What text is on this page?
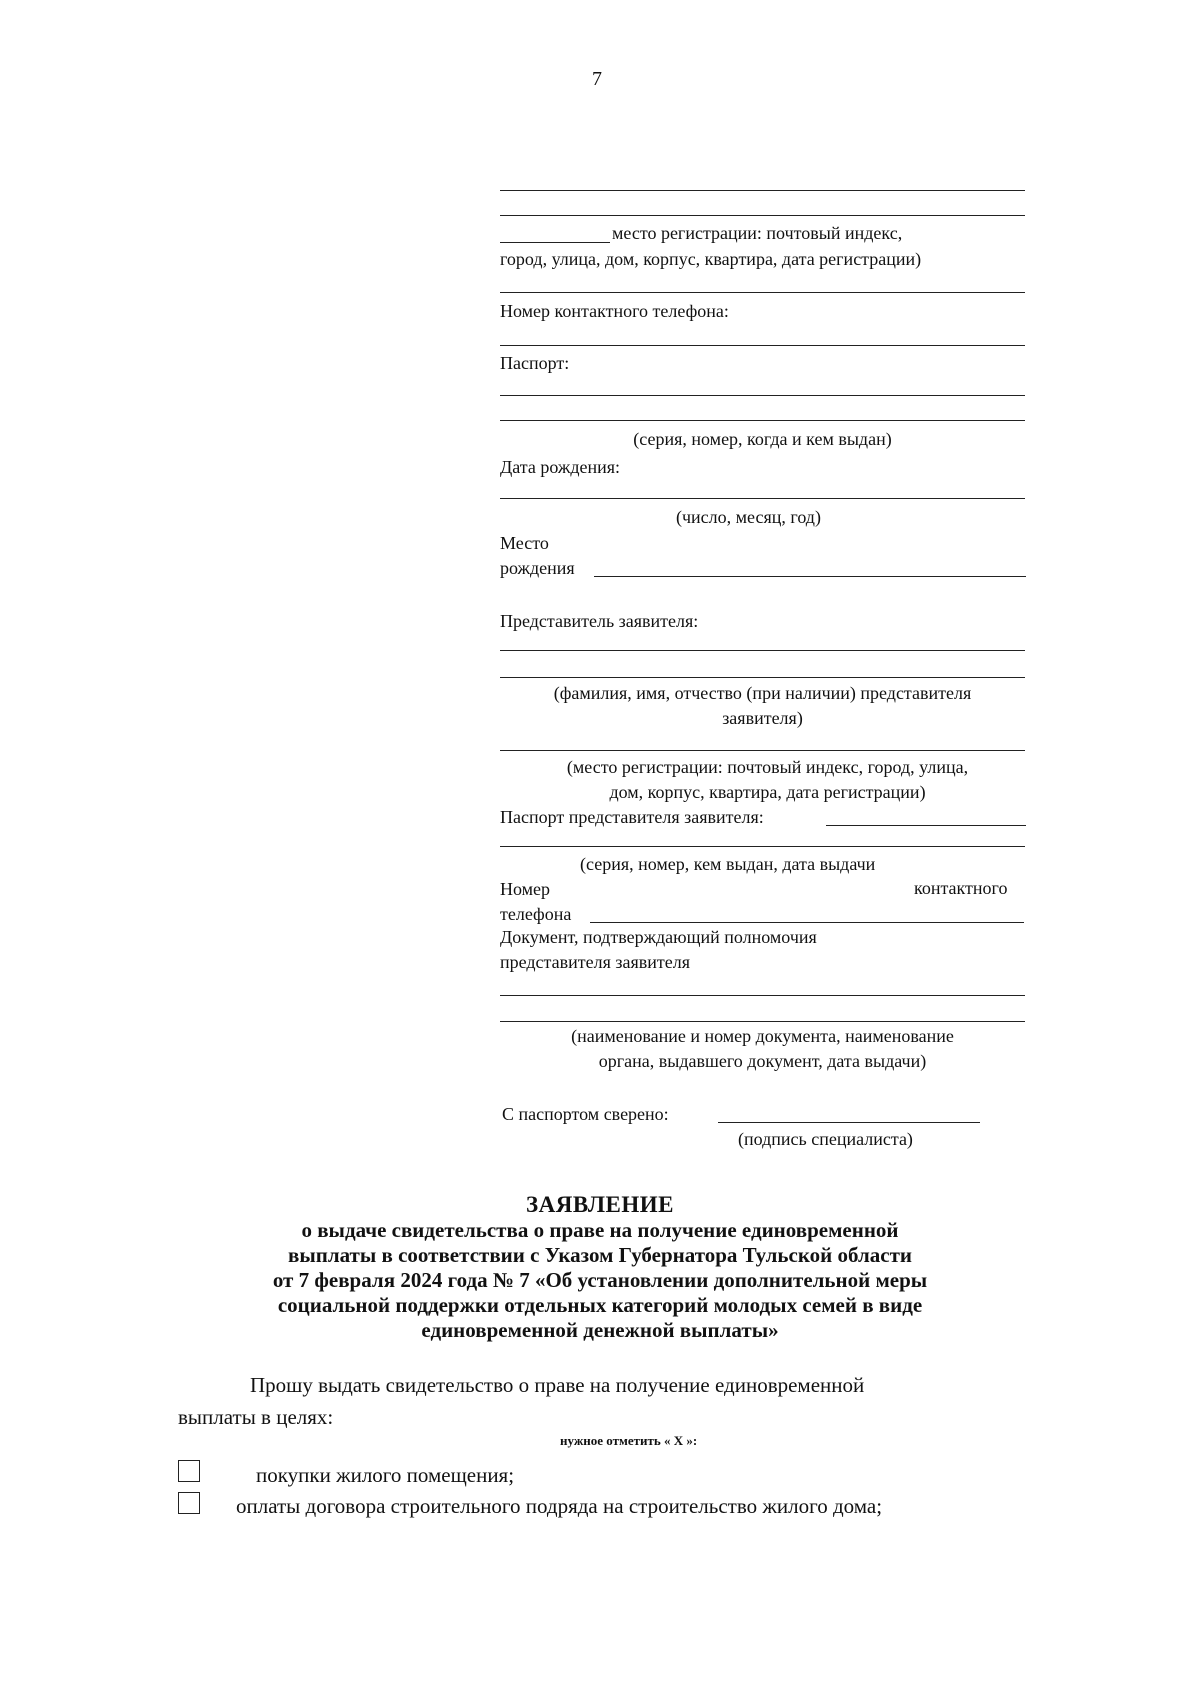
7
место регистрации: почтовый индекс,
город, улица, дом, корпус, квартира, дата регистрации)
Номер контактного телефона:
Паспорт:
(серия, номер, когда и кем выдан)
Дата рождения:
(число, месяц, год)
Место
рождения
Представитель заявителя:
(фамилия, имя, отчество (при наличии) представителя
заявителя)
(место регистрации: почтовый индекс, город, улица,
дом, корпус, квартира, дата регистрации)
Паспорт представителя заявителя:
(серия, номер, кем выдан, дата выдачи
Номер	контактного
телефона
Документ, подтверждающий полномочия
представителя заявителя
(наименование и номер документа, наименование
органа, выдавшего документ, дата выдачи)
С паспортом сверено:
(подпись специалиста)
ЗАЯВЛЕНИЕ
о выдаче свидетельства о праве на получение единовременной
выплаты в соответствии с Указом Губернатора Тульской области
от 7 февраля 2024 года № 7 «Об установлении дополнительной меры
социальной поддержки отдельных категорий молодых семей в виде
единовременной денежной выплаты»
Прошу выдать свидетельство о праве на получение единовременной
выплаты в целях:
нужное отметить « Х »:
покупки жилого помещения;
оплаты договора строительного подряда на строительство жилого дома;
